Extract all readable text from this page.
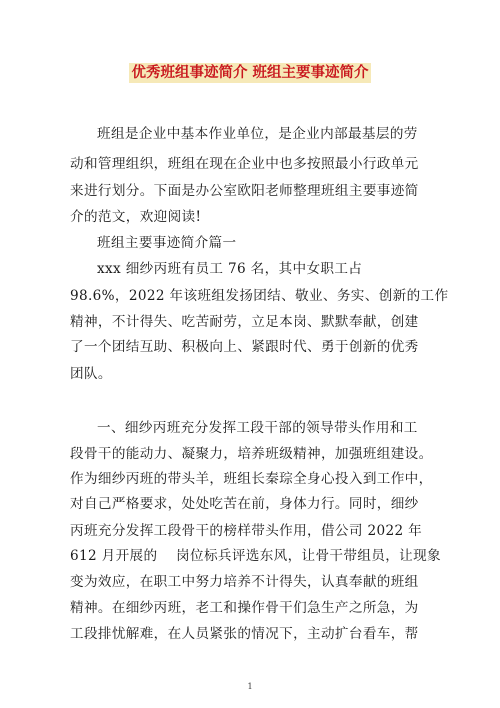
优秀班组事迹简介 班组主要事迹简介
班组是企业中基本作业单位，是企业内部最基层的劳
动和管理组织，班组在现在企业中也多按照最小行政单元
来进行划分。下面是办公室欧阳老师整理班组主要事迹简
介的范文，欢迎阅读!
班组主要事迹简介篇一
xxx 细纱丙班有员工 76 名，其中女职工占
98.6%，2022 年该班组发扬团结、敬业、务实、创新的工作
精神，不计得失、吃苦耐劳，立足本岗、默默奉献，创建
了一个团结互助、积极向上、紧跟时代、勇于创新的优秀
团队。
一、细纱丙班充分发挥工段干部的领导带头作用和工
段骨干的能动力、凝聚力，培养班级精神，加强班组建设。
作为细纱丙班的带头羊，班组长秦琮全身心投入到工作中，
对自己严格要求，处处吃苦在前，身体力行。同时，细纱
丙班充分发挥工段骨干的榜样带头作用，借公司 2022 年
612 月开展的　 岗位标兵评选东风，让骨干带组员，让现象
变为效应，在职工中努力培养不计得失，认真奉献的班组
精神。在细纱丙班，老工和操作骨干们急生产之所急，为
工段排忧解难，在人员紧张的情况下，主动扩台看车，帮
1
